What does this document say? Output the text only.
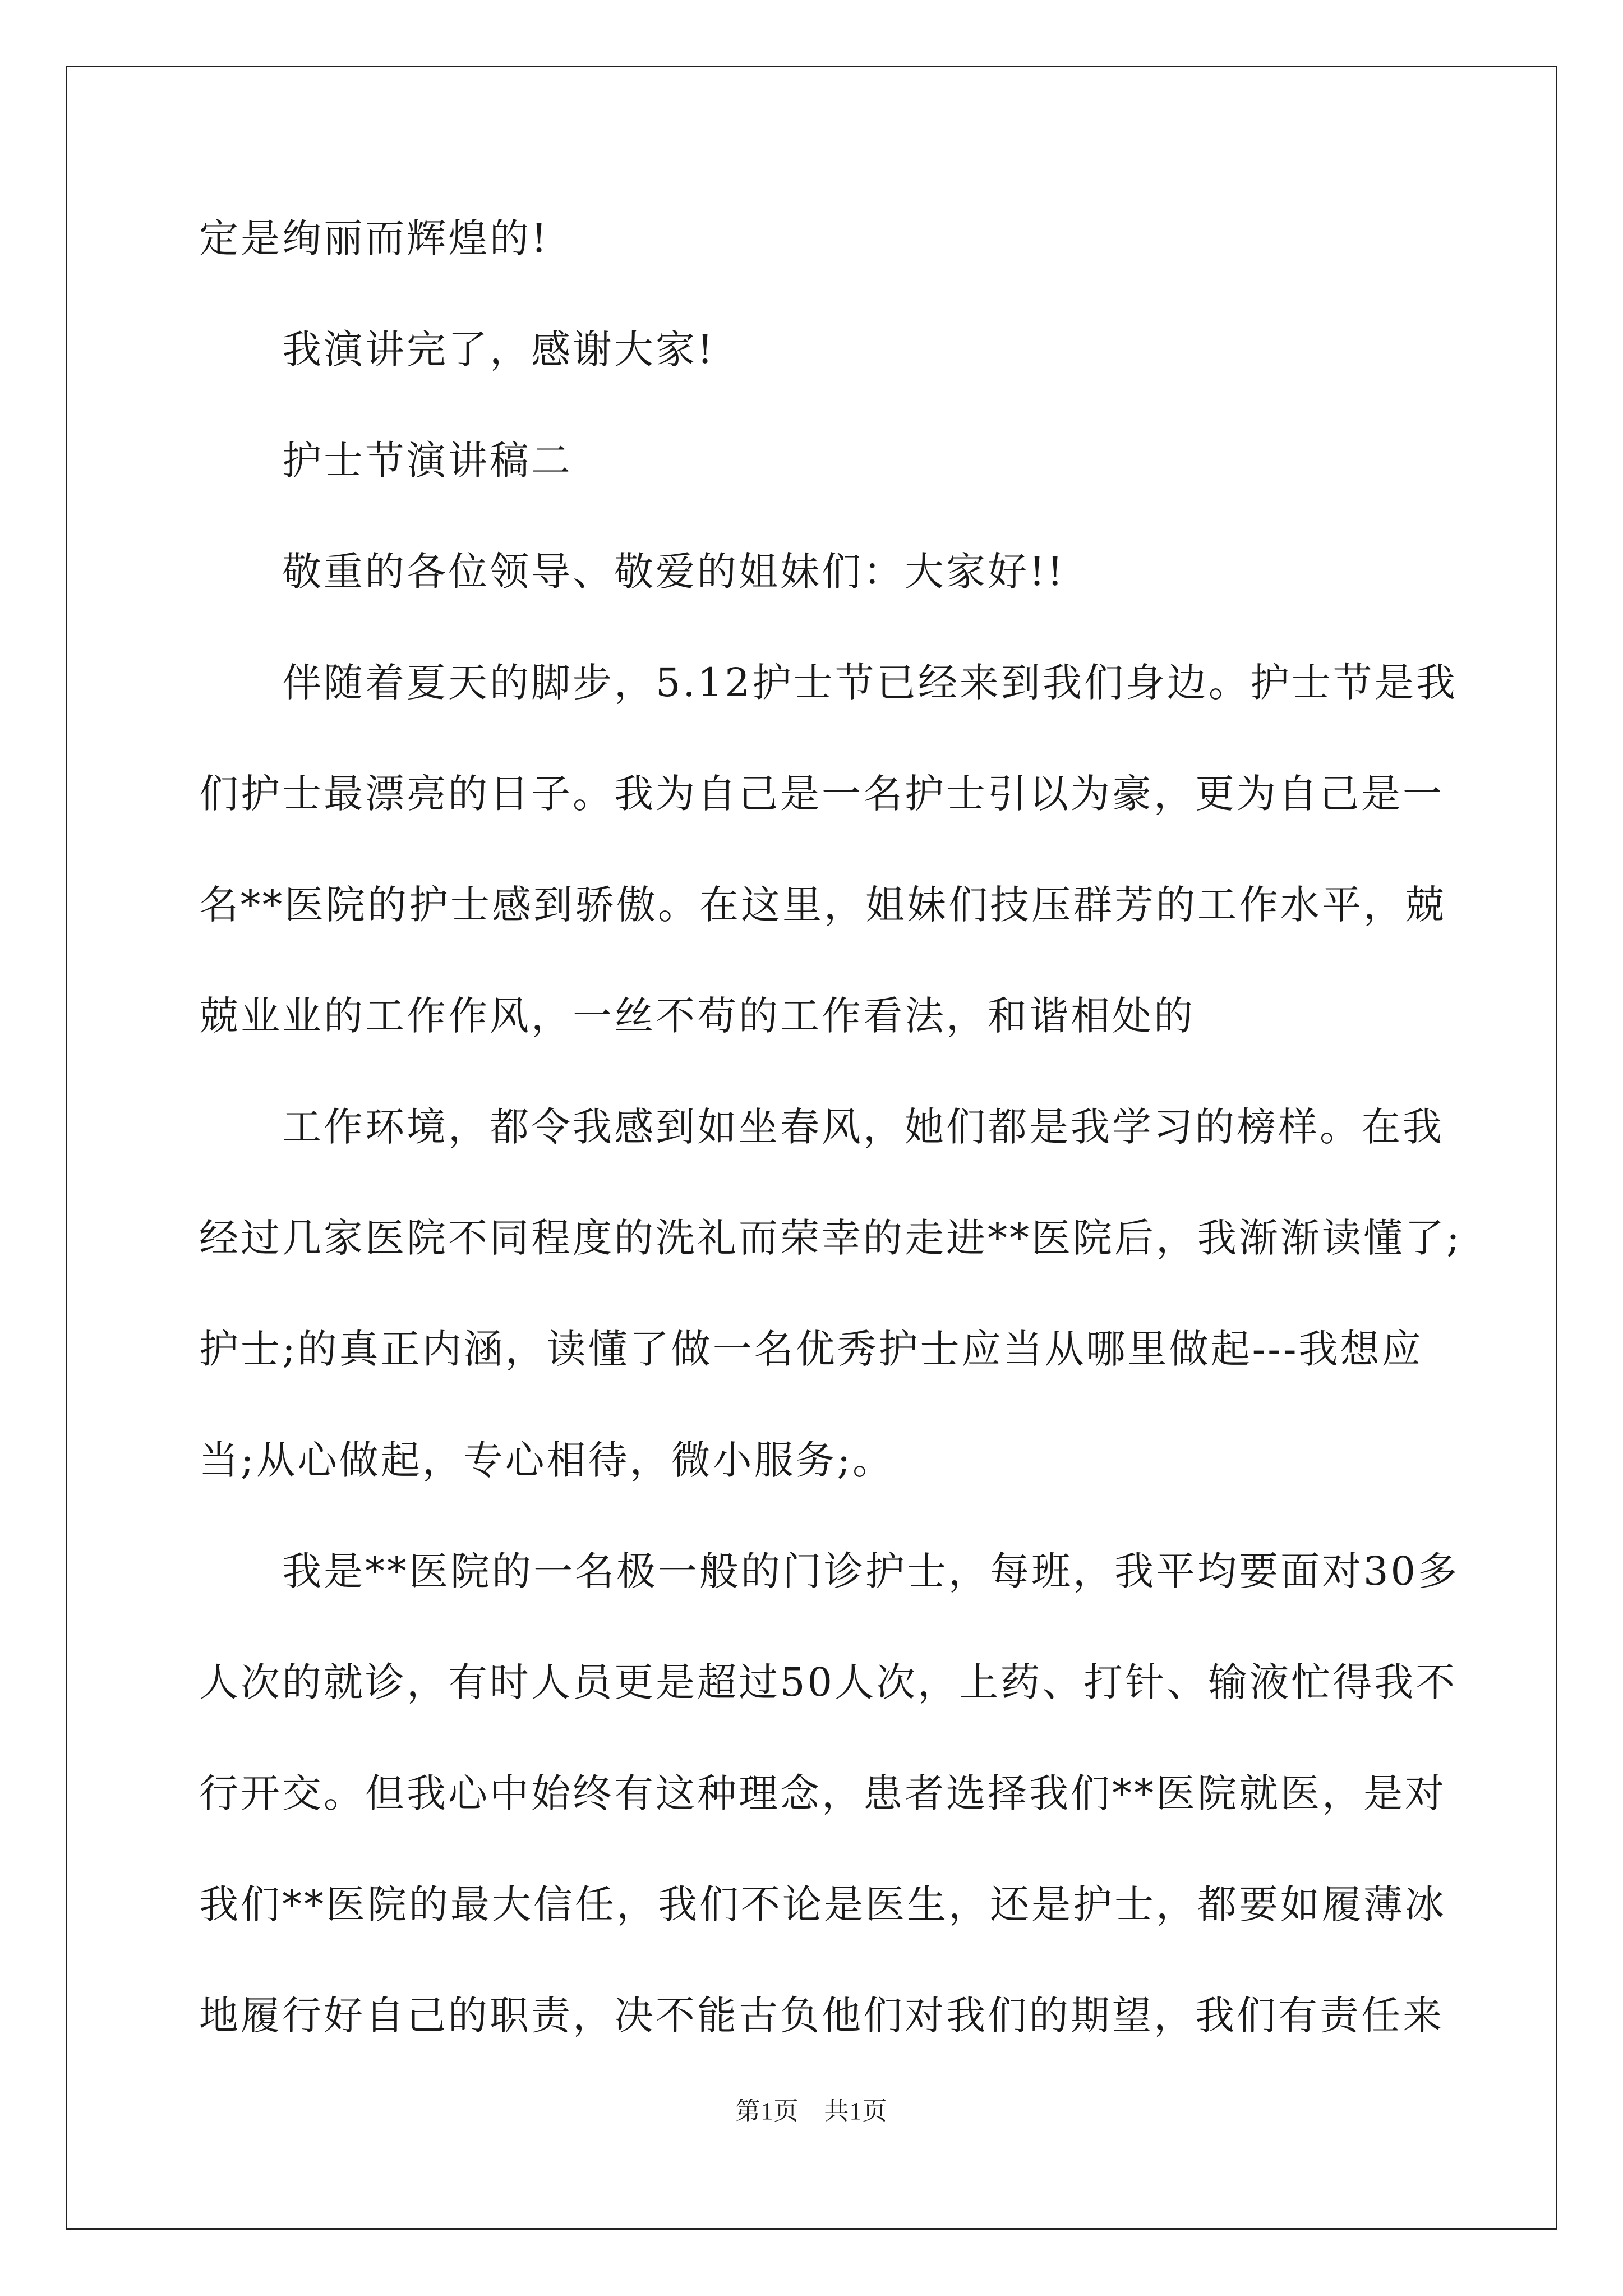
定是绚丽而辉煌的!
我演讲完了，感谢大家!
护士节演讲稿二
敬重的各位领导、敬爱的姐妹们：大家好!!
伴随着夏天的脚步，5.12护士节已经来到我们身边。护士节是我
们护士最漂亮的日子。我为自己是一名护士引以为豪，更为自己是一
名**医院的护士感到骄傲。在这里，姐妹们技压群芳的工作水平，兢
兢业业的工作作风，一丝不苟的工作看法，和谐相处的
工作环境，都令我感到如坐春风，她们都是我学习的榜样。在我
经过几家医院不同程度的洗礼而荣幸的走进**医院后，我渐渐读懂了;
护士;的真正内涵，读懂了做一名优秀护士应当从哪里做起---我想应
当;从心做起，专心相待，微小服务;。
我是**医院的一名极一般的门诊护士，每班，我平均要面对30多
人次的就诊，有时人员更是超过50人次，上药、打针、输液忙得我不
行开交。但我心中始终有这种理念，患者选择我们**医院就医，是对
我们**医院的最大信任，我们不论是医生，还是护士，都要如履薄冰
地履行好自己的职责，决不能古负他们对我们的期望，我们有责任来
第1页　共1页
